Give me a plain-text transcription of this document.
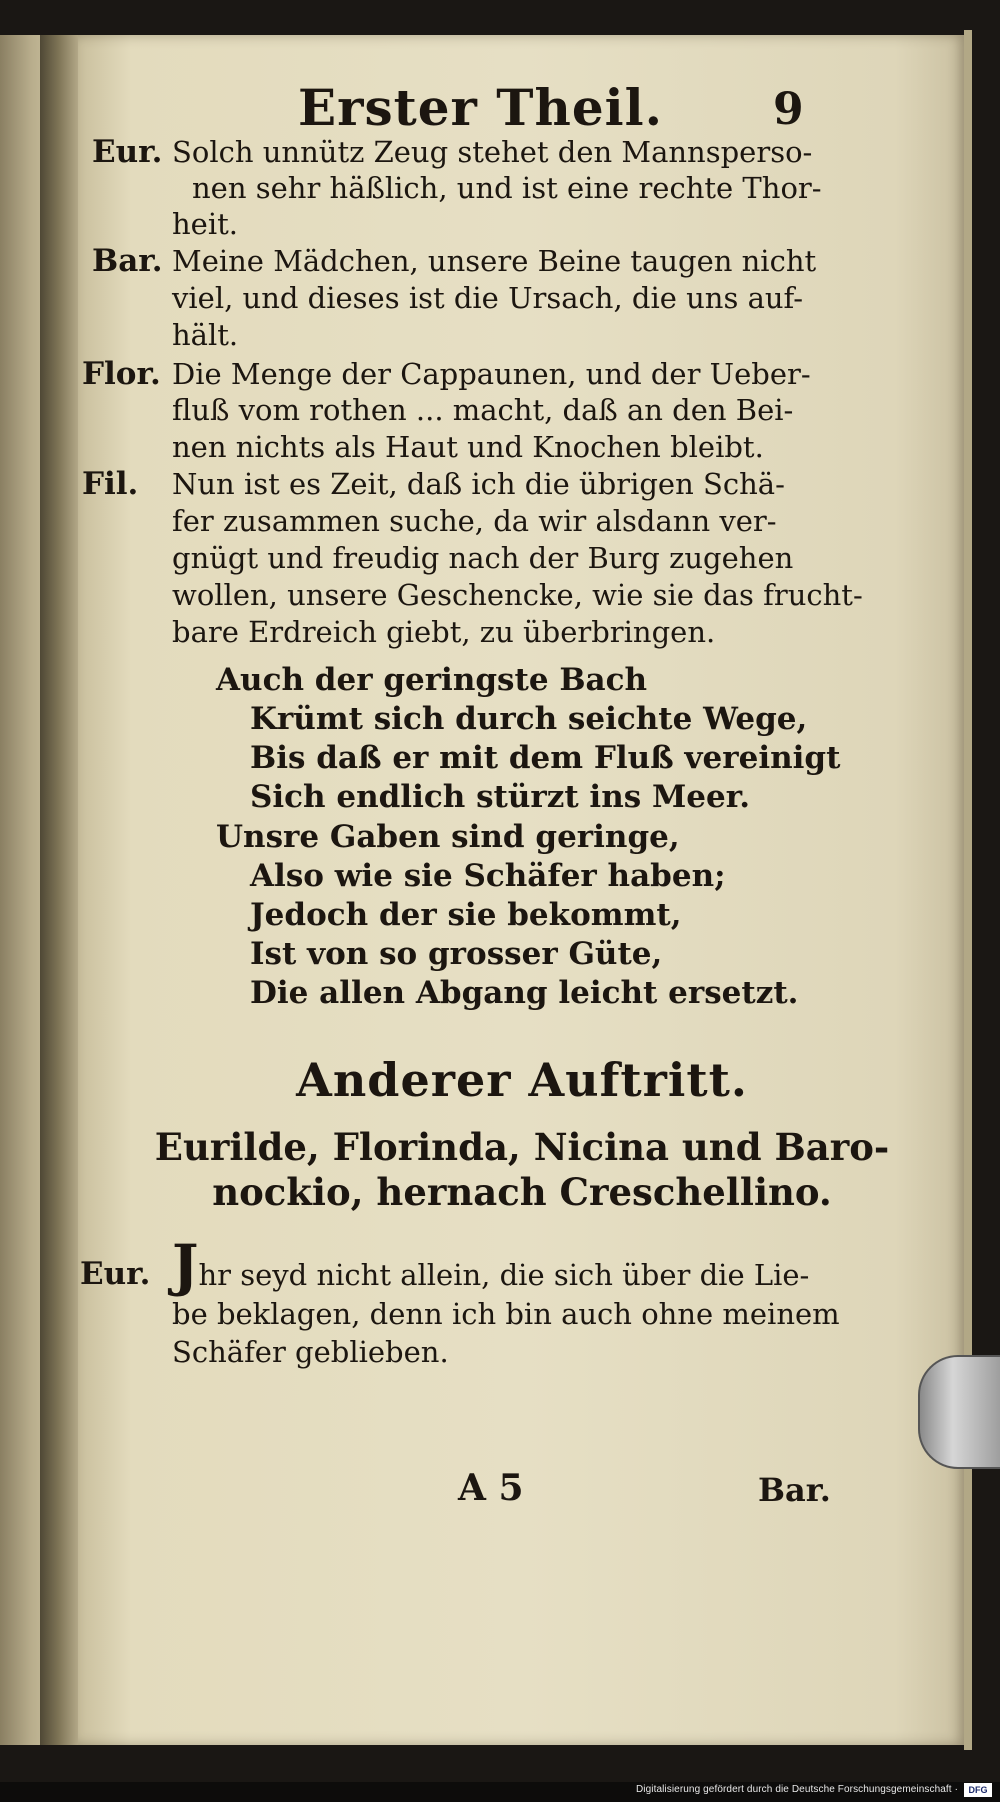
Erster Theil. 9
Eur. Solch unnütz Zeug stehet den Mannsperso-
nen sehr häßlich, und ist eine rechte Thor-
heit.
Bar. Meine Mädchen, unsere Beine taugen nicht
viel, und dieses ist die Ursach, die uns auf-
hält.
Flor. Die Menge der Cappaunen, und der Ueber-
fluß vom rothen ... macht, daß an den Bei-
nen nichts als Haut und Knochen bleibt.
Fil. Nun ist es Zeit, daß ich die übrigen Schä-
fer zusammen suche, da wir alsdann ver-
gnügt und freudig nach der Burg zugehen
wollen, unsere Geschencke, wie sie das frucht-
bare Erdreich giebt, zu überbringen.
Auch der geringste Bach
Krümt sich durch seichte Wege,
Bis daß er mit dem Fluß vereinigt
Sich endlich stürzt ins Meer.
Unsre Gaben sind geringe,
Also wie sie Schäfer haben;
Jedoch der sie bekommt,
Ist von so grosser Güte,
Die allen Abgang leicht ersetzt.
Anderer Auftritt.
Eurilde, Florinda, Nicina und Baro-
nockio, hernach Creschellino.
Eur. Jhr seyd nicht allein, die sich über die Lie-
be beklagen, denn ich bin auch ohne meinem
Schäfer geblieben.
A 5	Bar.
Digitalisierung gefördert durch die Deutsche Forschungsgemeinschaft ·	DFG
